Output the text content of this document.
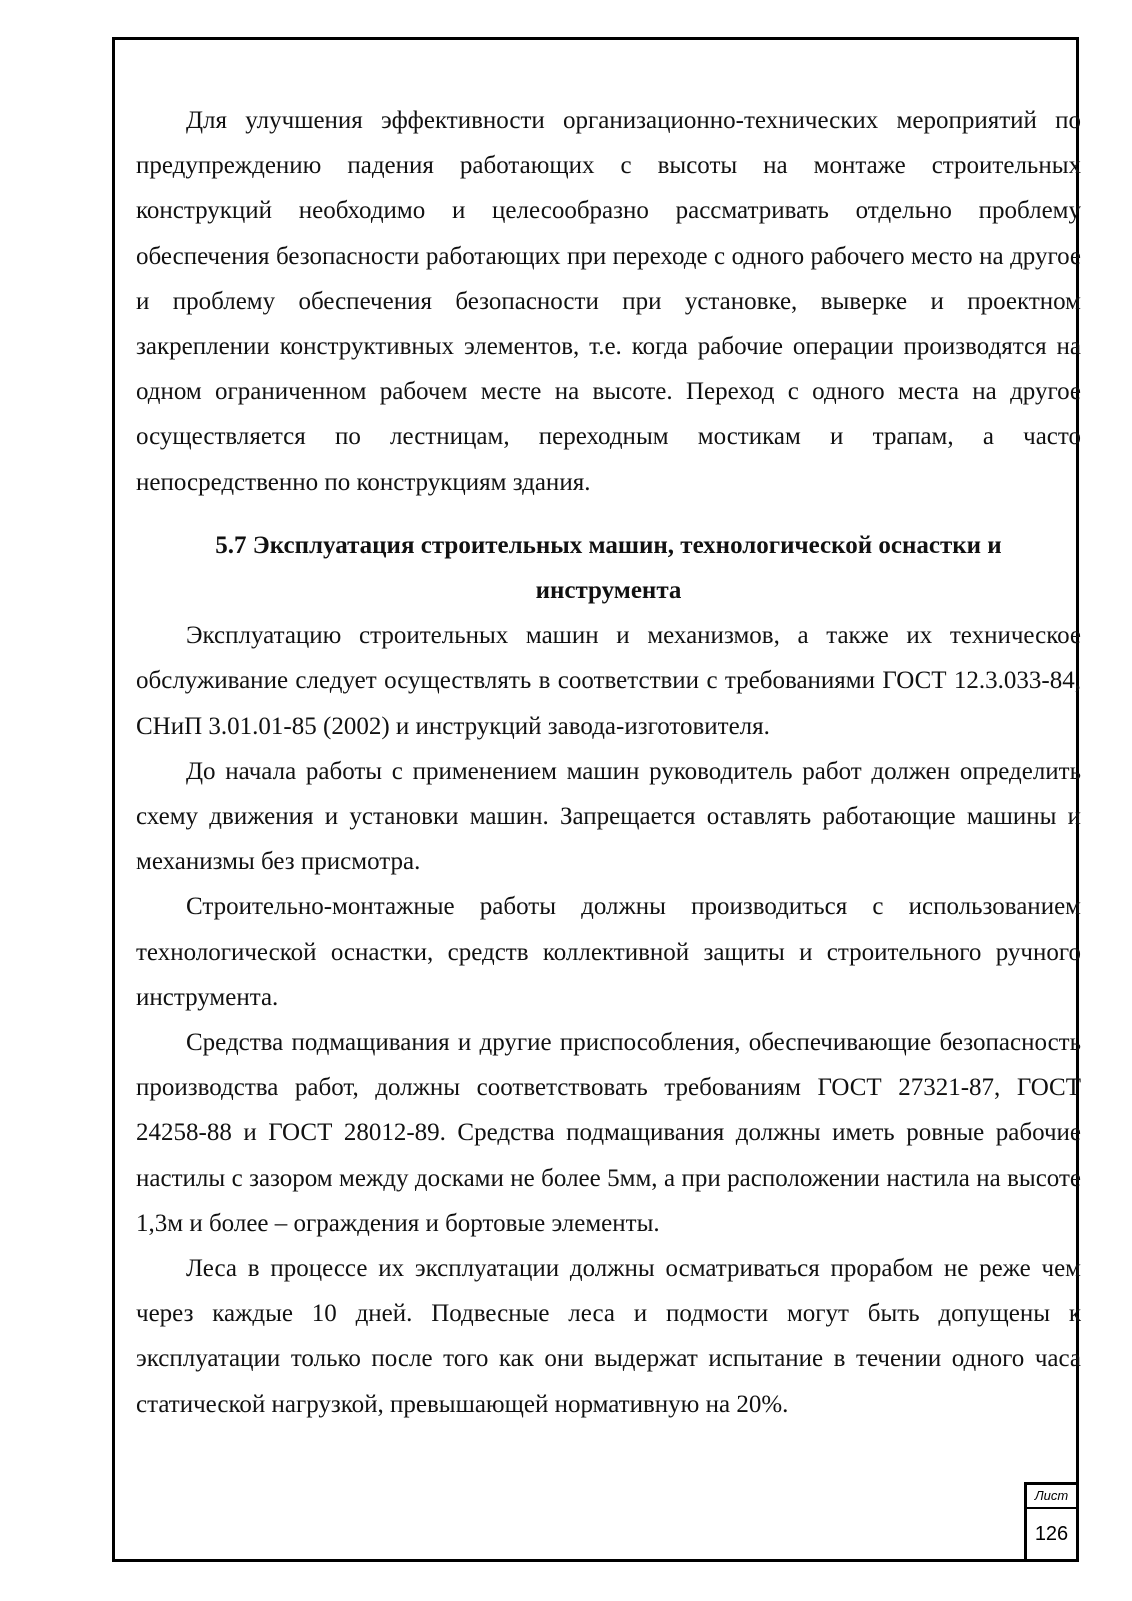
Для улучшения эффективности организационно-технических мероприятий по предупреждению падения работающих с высоты на монтаже строительных конструкций необходимо и целесообразно рассматривать отдельно проблему обеспечения безопасности работающих при переходе с одного рабочего место на другое и проблему обеспечения безопасности при установке, выверке и проектном закреплении конструктивных элементов, т.е. когда рабочие операции производятся на одном ограниченном рабочем месте на высоте. Переход с одного места на другое осуществляется по лестницам, переходным мостикам и трапам, а часто непосредственно по конструкциям здания.

5.7 Эксплуатация строительных машин, технологической оснастки и
инструмента

Эксплуатацию строительных машин и механизмов, а также их техническое обслуживание следует осуществлять в соответствии с требованиями ГОСТ 12.3.033-84, СНиП 3.01.01-85 (2002) и инструкций завода-изготовителя.

До начала работы с применением машин руководитель работ должен определить схему движения и установки машин. Запрещается оставлять работающие машины и механизмы без присмотра.

Строительно-монтажные работы должны производиться с использованием технологической оснастки, средств коллективной защиты и строительного ручного инструмента.

Средства подмащивания и другие приспособления, обеспечивающие безопасность производства работ, должны соответствовать требованиям ГОСТ 27321-87, ГОСТ 24258-88 и ГОСТ 28012-89. Средства подмащивания должны иметь ровные рабочие настилы с зазором между досками не более 5мм, а при расположении настила на высоте 1,3м и более – ограждения и бортовые элементы.

Леса в процессе их эксплуатации должны осматриваться прорабом не реже чем через каждые 10 дней. Подвесные леса и подмости могут быть допущены к эксплуатации только после того как они выдержат испытание в течении одного часа статической нагрузкой, превышающей нормативную на 20%.

Лист
126
